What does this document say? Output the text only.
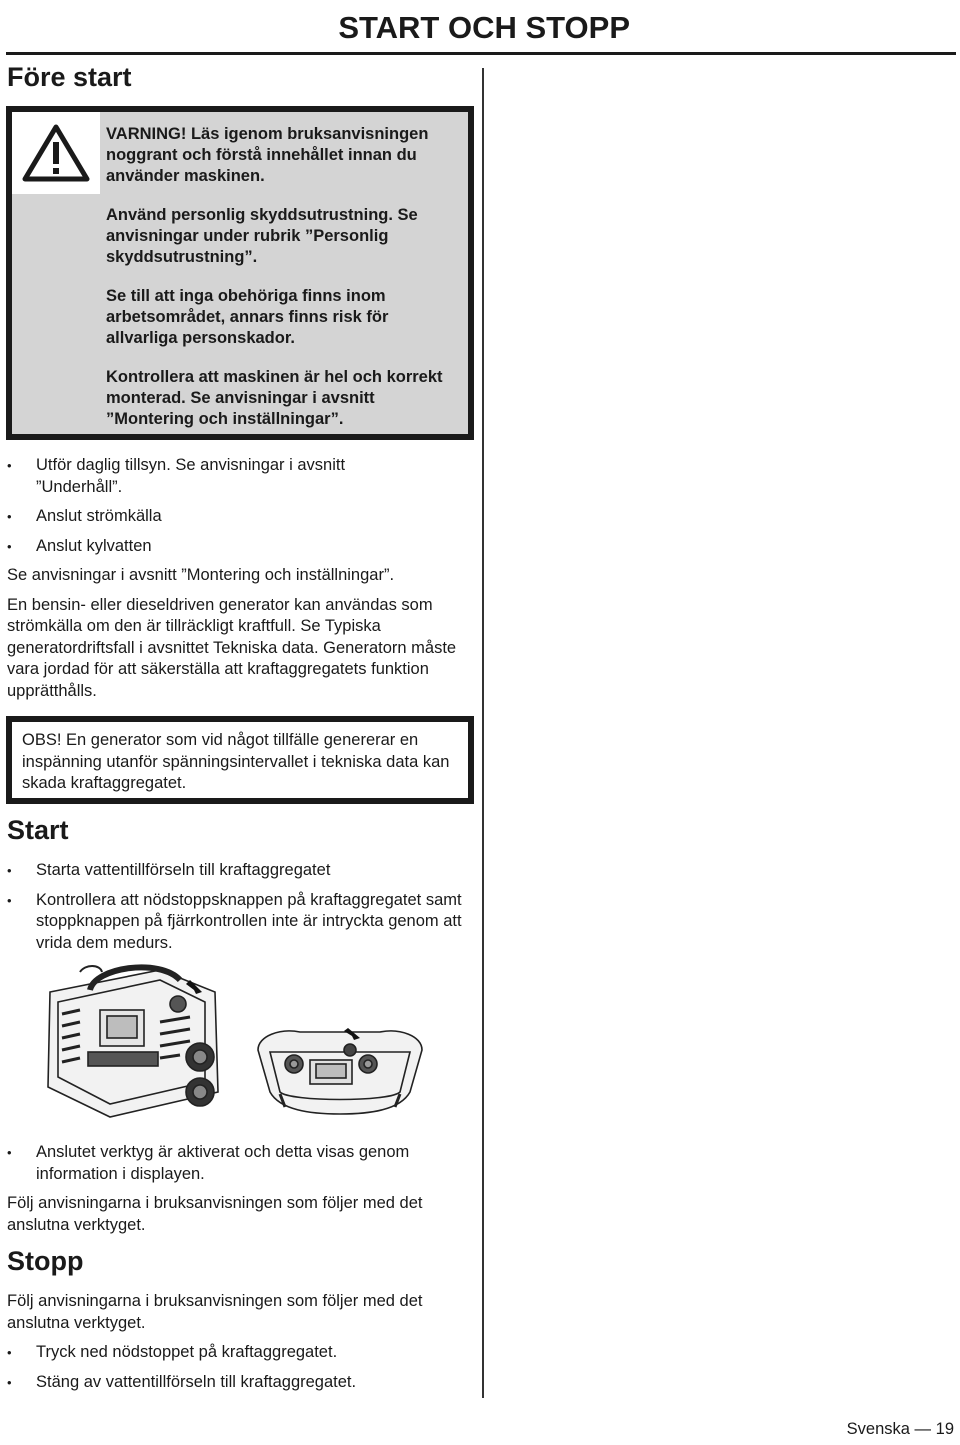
START OCH STOPP
Före start

VARNING! Läs igenom bruksanvisningen noggrant och förstå innehållet innan du använder maskinen.

Använd personlig skyddsutrustning. Se anvisningar under rubrik ”Personlig skyddsutrustning”.

Se till att inga obehöriga finns inom arbetsområdet, annars finns risk för allvarliga personskador.

Kontrollera att maskinen är hel och korrekt monterad. Se anvisningar i avsnitt ”Montering och inställningar”.

• Utför daglig tillsyn. Se anvisningar i avsnitt ”Underhåll”.
• Anslut strömkälla
• Anslut kylvatten

Se anvisningar i avsnitt ”Montering och inställningar”.

En bensin- eller dieseldriven generator kan användas som strömkälla om den är tillräckligt kraftfull. Se Typiska generatordriftsfall i avsnittet Tekniska data. Generatorn måste vara jordad för att säkerställa att kraftaggregatets funktion upprätthålls.

OBS! En generator som vid något tillfälle genererar en inspänning utanför spänningsintervallet i tekniska data kan skada kraftaggregatet.
Start
• Starta vattentillförseln till kraftaggregatet
• Kontrollera att nödstoppsknappen på kraftaggregatet samt stoppknappen på fjärrkontrollen inte är intryckta genom att vrida dem medurs.
• Anslutet verktyg är aktiverat och detta visas genom information i displayen.

Följ anvisningarna i bruksanvisningen som följer med det anslutna verktyget.

Stopp

Följ anvisningarna i bruksanvisningen som följer med det anslutna verktyget.

• Tryck ned nödstoppet på kraftaggregatet.
• Stäng av vattentillförseln till kraftaggregatet.
Svenska — 19
